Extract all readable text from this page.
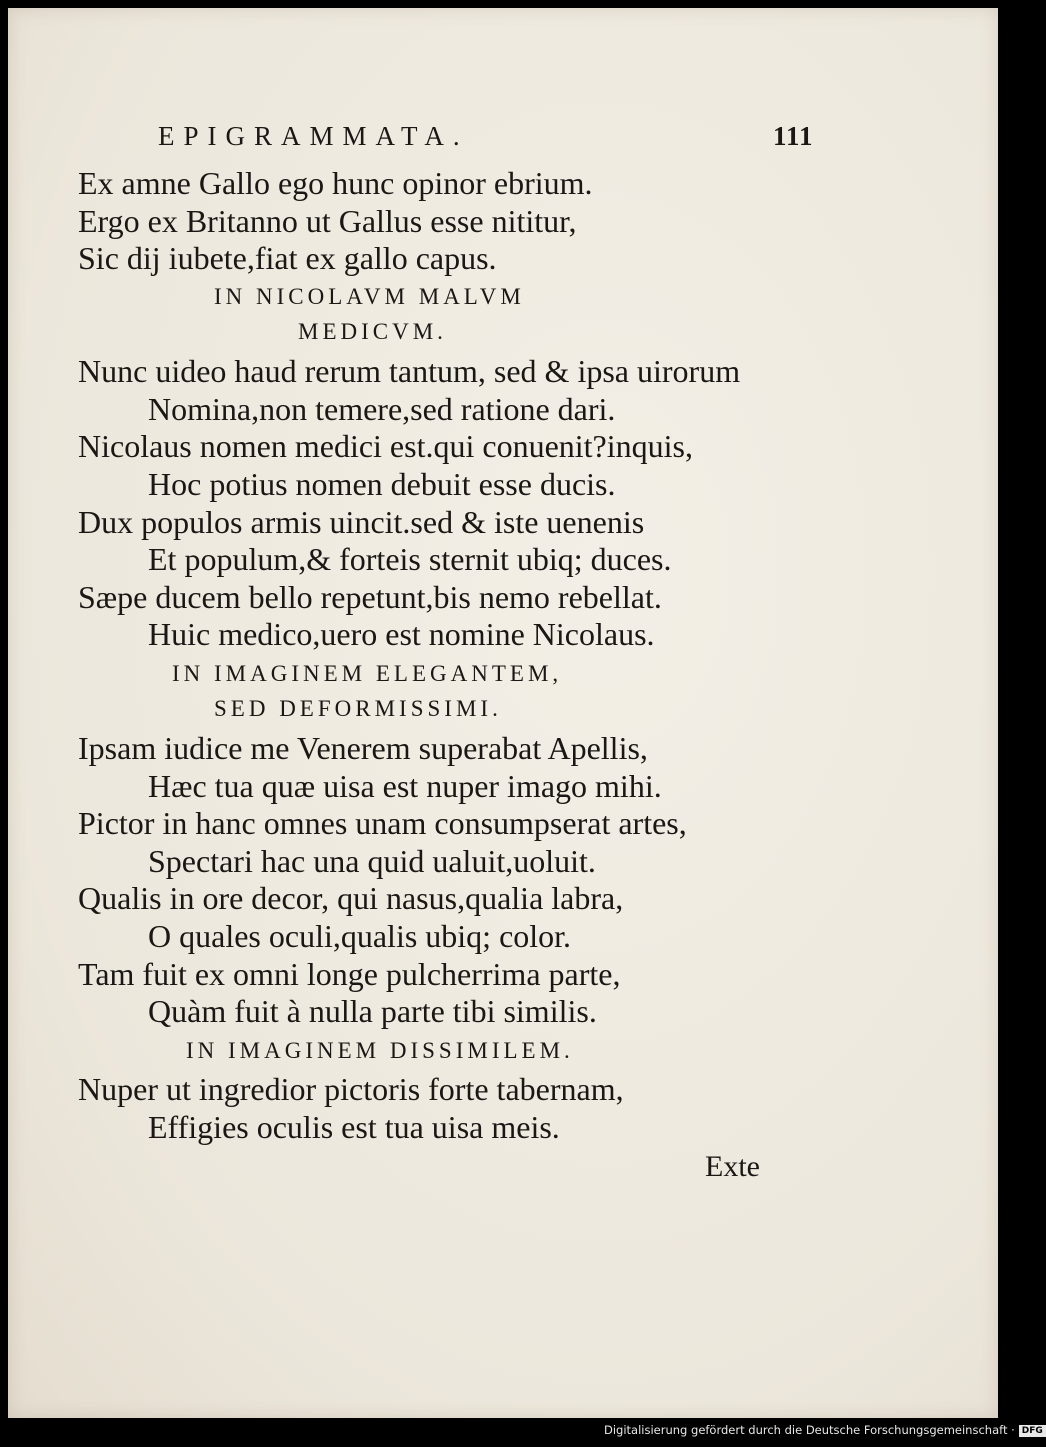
EPIGRAMMATA.	111
Ex amne Gallo ego hunc opinor ebrium.
Ergo ex Britanno ut Gallus esse nititur,
Sic dij iubete,fiat ex gallo capus.
IN NICOLAVM MALVM
MEDICVM.
Nunc uideo haud rerum tantum, sed & ipsa uirorum
Nomina,non temere,sed ratione dari.
Nicolaus nomen medici est.qui conuenit?inquis,
Hoc potius nomen debuit esse ducis.
Dux populos armis uincit.sed & iste uenenis
Et populum,& forteis sternit ubiq; duces.
Sæpe ducem bello repetunt,bis nemo rebellat.
Huic medico,uero est nomine Nicolaus.
IN IMAGINEM ELEGANTEM,
SED DEFORMISSIMI.
Ipsam iudice me Venerem superabat Apellis,
Hæc tua quæ uisa est nuper imago mihi.
Pictor in hanc omnes unam consumpserat artes,
Spectari hac una quid ualuit,uoluit.
Qualis in ore decor, qui nasus,qualia labra,
O quales oculi,qualis ubiq; color.
Tam fuit ex omni longe pulcherrima parte,
Quàm fuit à nulla parte tibi similis.
IN IMAGINEM DISSIMILEM.
Nuper ut ingredior pictoris forte tabernam,
Effigies oculis est tua uisa meis.
Exte
Digitalisierung gefördert durch die Deutsche Forschungsgemeinschaft · DFG
